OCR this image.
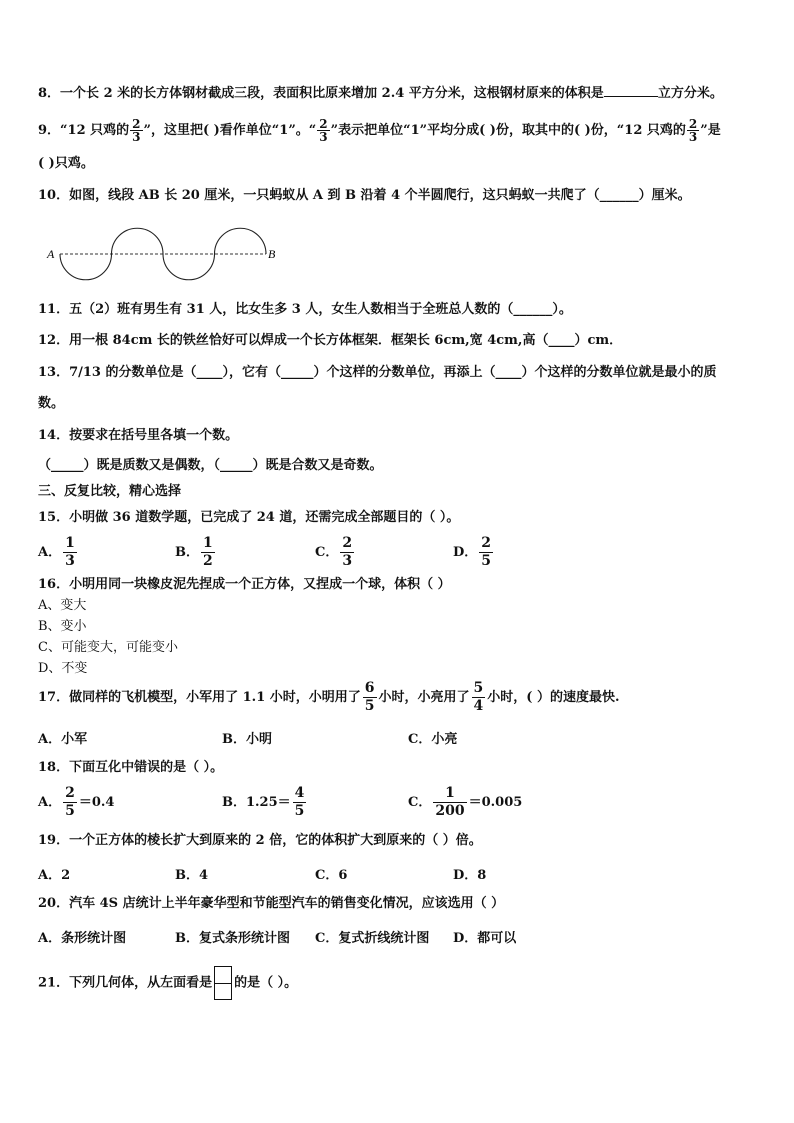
8．一个长 2 米的长方体钢材截成三段，表面积比原来增加 2.4 平方分米，这根钢材原来的体积是	立方分米。
9．“12 只鸡的 $\frac{2}{3}$ ”，这里把( )看作单位“1”。“ $\frac{2}{3}$ ”表示把单位“1”平均分成( )份，取其中的( )份，“12 只鸡的 $\frac{2}{3}$ ”是
( )只鸡。
10．如图，线段 AB 长 20 厘米，一只蚂蚁从 A 到 B 沿着 4 个半圆爬行，这只蚂蚁一共爬了（______）厘米。
A	B
11．五（2）班有男生有 31 人，比女生多 3 人，女生人数相当于全班总人数的（______）。
12．用一根 84cm 长的铁丝恰好可以焊成一个长方体框架．框架长 6cm,宽 4cm,高（____）cm．
13．7/13 的分数单位是（____），它有（_____）个这样的分数单位，再添上（____）个这样的分数单位就是最小的质
数。
14．按要求在括号里各填一个数。
（_____）既是质数又是偶数，（_____）既是合数又是奇数。
三、反复比较，精心选择
15．小明做 36 道数学题，已完成了 24 道，还需完成全部题目的（ ）。
A． $\frac{1}{3}$	B． $\frac{1}{2}$	C． $\frac{2}{3}$	D． $\frac{2}{5}$
16．小明用同一块橡皮泥先捏成一个正方体，又捏成一个球，体积（ ）
A、变大
B、变小
C、可能变大，可能变小
D、不变
17．做同样的飞机模型，小军用了 1.1 小时，小明用了 $\frac{6}{5}$ 小时，小亮用了 $\frac{5}{4}$ 小时，( ）的速度最快.
A．小军	B．小明	C．小亮
18．下面互化中错误的是（ ）。
A． $\frac{2}{5} =0.4$	B．$1.25= \frac{4}{5}$	C． $\frac{1}{200} =0.005$
19．一个正方体的棱长扩大到原来的 2 倍，它的体积扩大到原来的（ ）倍。
A．2	B．4	C．6	D．8
20．汽车 4S 店统计上半年豪华型和节能型汽车的销售变化情况，应该选用（ ）
A．条形统计图	B．复式条形统计图 C．复式折线统计图 D．都可以
21．下列几何体，从左面看是 的是（ ）。
